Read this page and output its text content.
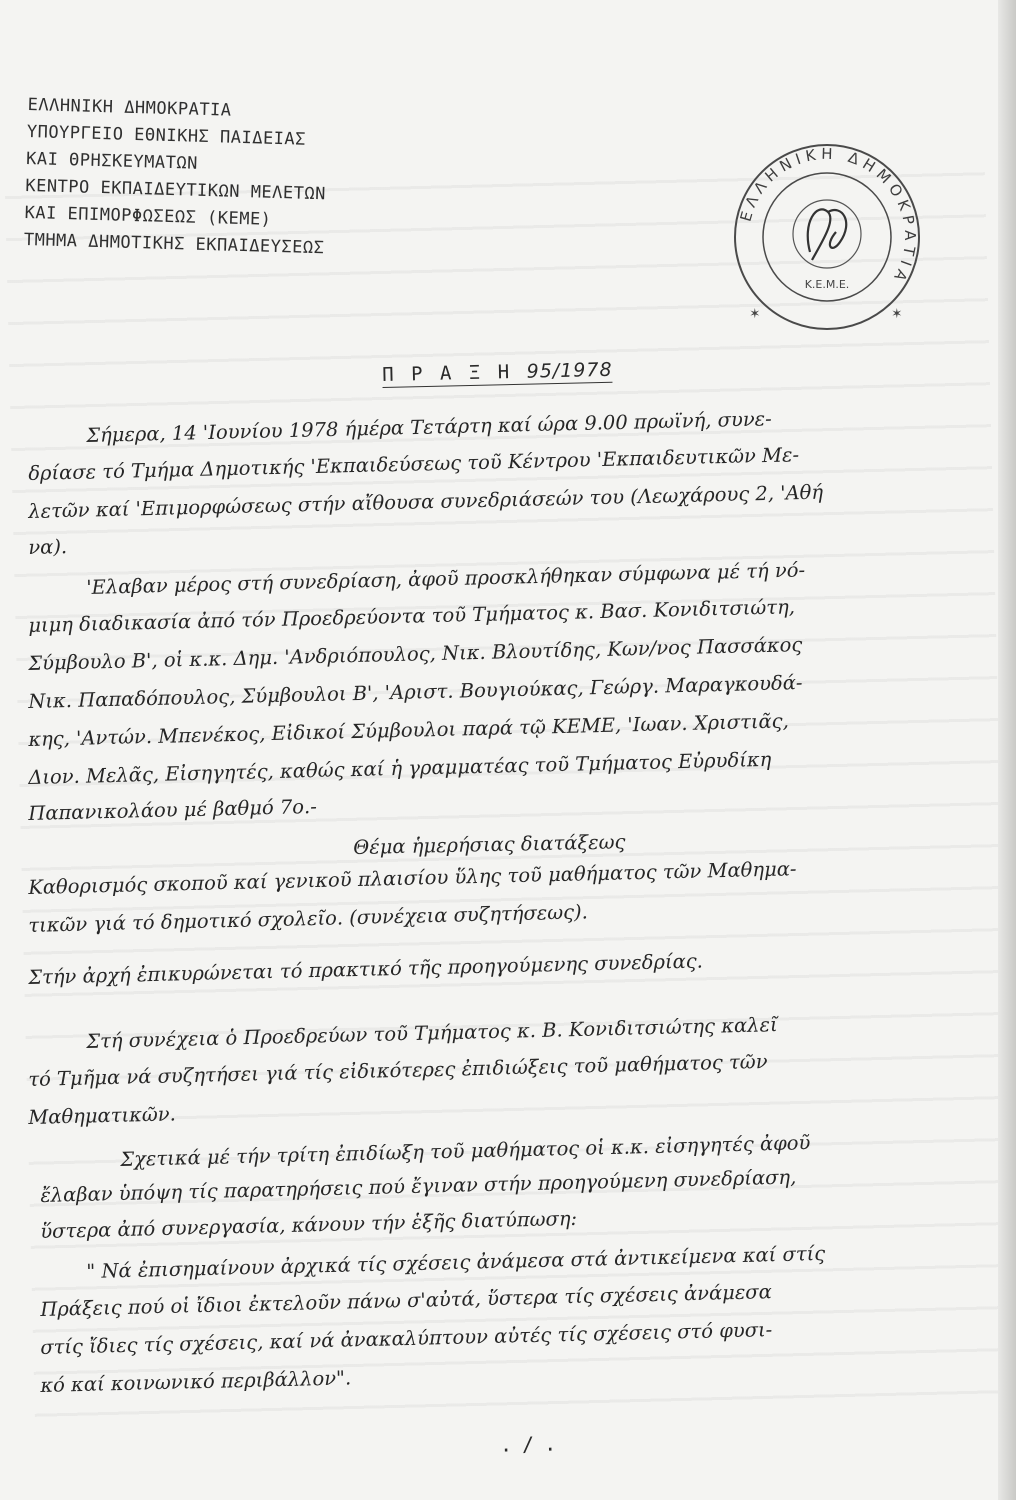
ΕΛΛΗΝΙΚΗ ΔΗΜΟΚΡΑΤΙΑ
ΥΠΟΥΡΓΕΙΟ ΕΘΝΙΚΗΣ ΠΑΙΔΕΙΑΣ
ΚΑΙ ΘΡΗΣΚΕΥΜΑΤΩΝ
ΚΕΝΤΡΟ ΕΚΠΑΙΔΕΥΤΙΚΩΝ ΜΕΛΕΤΩΝ
ΚΑΙ ΕΠΙΜΟΡΦΩΣΕΩΣ (ΚΕΜΕ)
ΤΜΗΜΑ ΔΗΜΟΤΙΚΗΣ ΕΚΠΑΙΔΕΥΣΕΩΣ
ΕΛΛΗΝΙΚΗ ΔΗΜΟΚΡΑΤΙΑ
Κ.Ε.Μ.Ε.
✶
✶
Π Ρ Α Ξ Η 95/1978
Σήμερα, 14 'Ιουνίου 1978 ήμέρα Τετάρτη καί ώρα 9.00 πρωϊνή, συνε-
δρίασε τό Τμήμα Δημοτικής 'Εκπαιδεύσεως τοῦ Κέντρου 'Εκπαιδευτικῶν Με-
λετῶν καί 'Επιμορφώσεως στήν αἴθουσα συνεδριάσεών του (Λεωχάρους 2, 'Αθή
να).
'Ελαβαν μέρος στή συνεδρίαση, ἀφοῦ προσκλήθηκαν σύμφωνα μέ τή νό-
μιμη διαδικασία ἀπό τόν Προεδρεύοντα τοῦ Τμήματος κ. Βασ. Κονιδιτσιώτη,
Σύμβουλο Β', οἱ κ.κ. Δημ. 'Ανδριόπουλος, Νικ. Βλουτίδης, Κων/νος Πασσάκος
Νικ. Παπαδόπουλος, Σύμβουλοι Β', 'Αριστ. Βουγιούκας, Γεώργ. Μαραγκουδά-
κης, 'Αντών. Μπενέκος, Εἰδικοί Σύμβουλοι παρά τῷ ΚΕΜΕ, 'Ιωαν. Χριστιᾶς,
Διον. Μελᾶς, Εἰσηγητές, καθώς καί ἡ γραμματέας τοῦ Τμήματος Εὐρυδίκη
Παπανικολάου μέ βαθμό 7ο.-
Θέμα ἡμερήσιας διατάξεως
Καθορισμός σκοποῦ καί γενικοῦ πλαισίου ὕλης τοῦ μαθήματος τῶν Μαθημα-
τικῶν γιά τό δημοτικό σχολεῖο. (συνέχεια συζητήσεως).
Στήν ἀρχή ἐπικυρώνεται τό πρακτικό τῆς προηγούμενης συνεδρίας.
Στή συνέχεια ὁ Προεδρεύων τοῦ Τμήματος κ. Β. Κονιδιτσιώτης καλεῖ
τό Τμῆμα νά συζητήσει γιά τίς εἰδικότερες ἐπιδιώξεις τοῦ μαθήματος τῶν
Μαθηματικῶν.
Σχετικά μέ τήν τρίτη ἐπιδίωξη τοῦ μαθήματος οἱ κ.κ. εἰσηγητές ἀφοῦ
ἔλαβαν ὑπόψη τίς παρατηρήσεις πού ἔγιναν στήν προηγούμενη συνεδρίαση,
ὕστερα ἀπό συνεργασία, κάνουν τήν ἑξῆς διατύπωση:
" Νά ἐπισημαίνουν ἀρχικά τίς σχέσεις ἀνάμεσα στά ἀντικείμενα καί στίς
Πράξεις πού οἱ ἴδιοι ἐκτελοῦν πάνω σ'αὐτά, ὕστερα τίς σχέσεις ἀνάμεσα
στίς ἴδιες τίς σχέσεις, καί νά ἀνακαλύπτουν αὐτές τίς σχέσεις στό φυσι-
κό καί κοινωνικό περιβάλλον".
./.
